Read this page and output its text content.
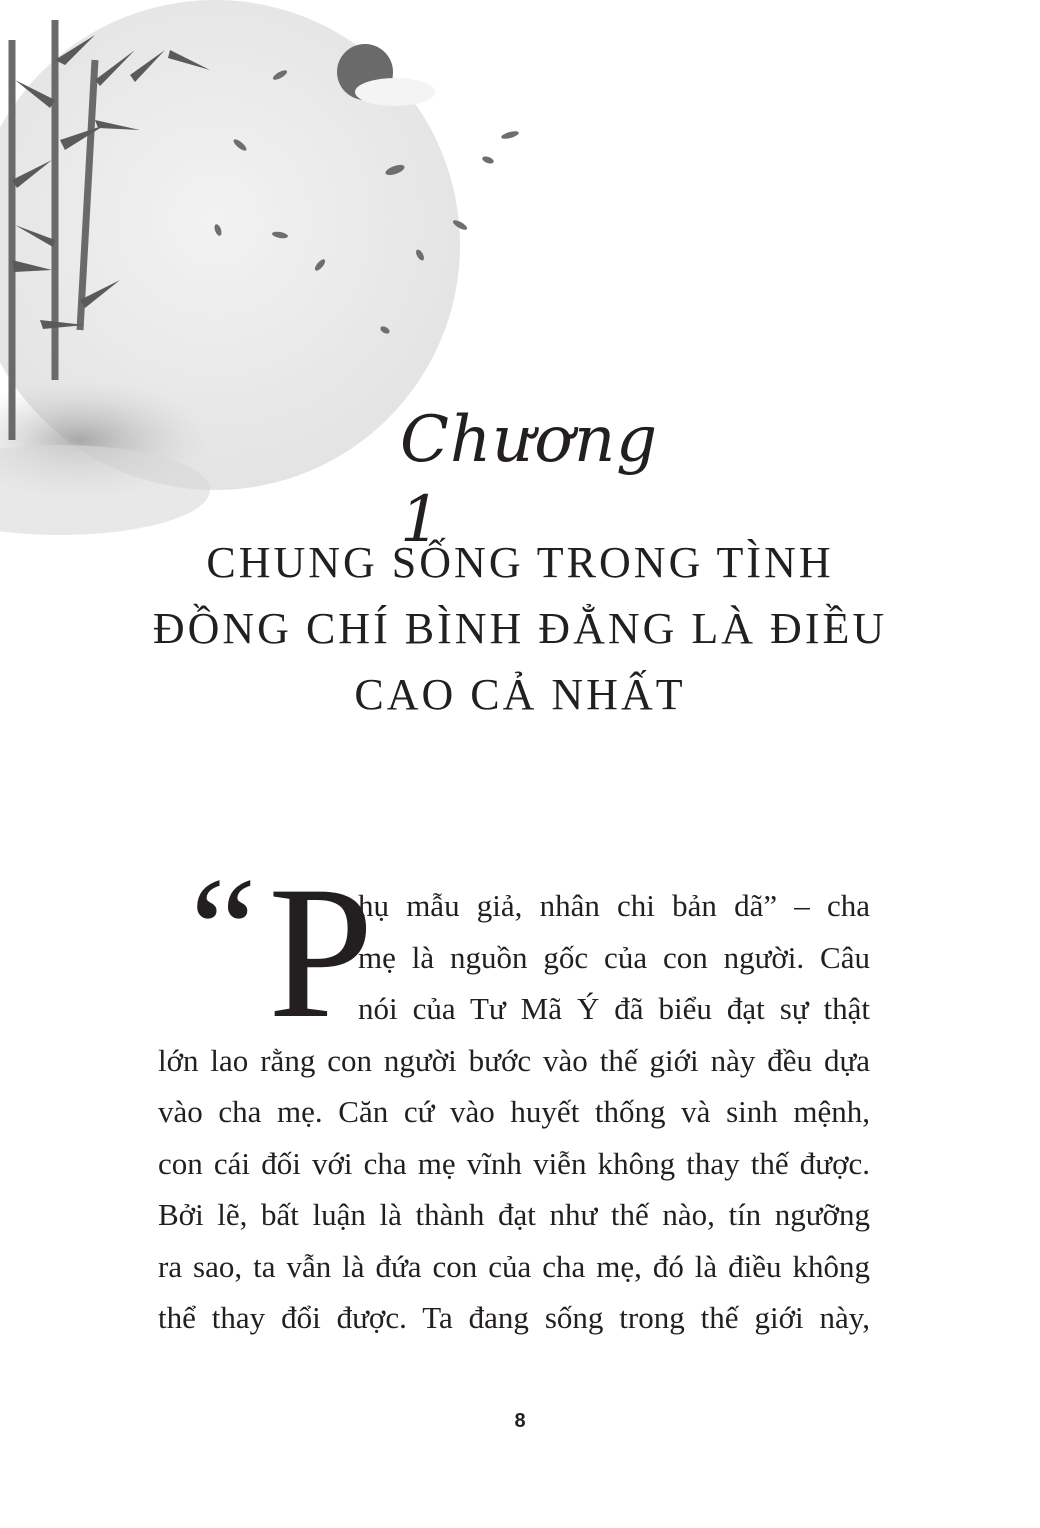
Chương 1
CHUNG SỐNG TRONG TÌNH
ĐỒNG CHÍ BÌNH ĐẲNG LÀ ĐIỀU
CAO CẢ NHẤT
“ P
hụ mẫu giả, nhân chi bản dã” – cha
mẹ là nguồn gốc của con người. Câu
nói của Tư Mã Ý đã biểu đạt sự thật
lớn lao rằng con người bước vào thế giới này đều dựa
vào cha mẹ. Căn cứ vào huyết thống và sinh mệnh,
con cái đối với cha mẹ vĩnh viễn không thay thế được.
Bởi lẽ, bất luận là thành đạt như thế nào, tín ngưỡng
ra sao, ta vẫn là đứa con của cha mẹ, đó là điều không
thể thay đổi được. Ta đang sống trong thế giới này,
8
